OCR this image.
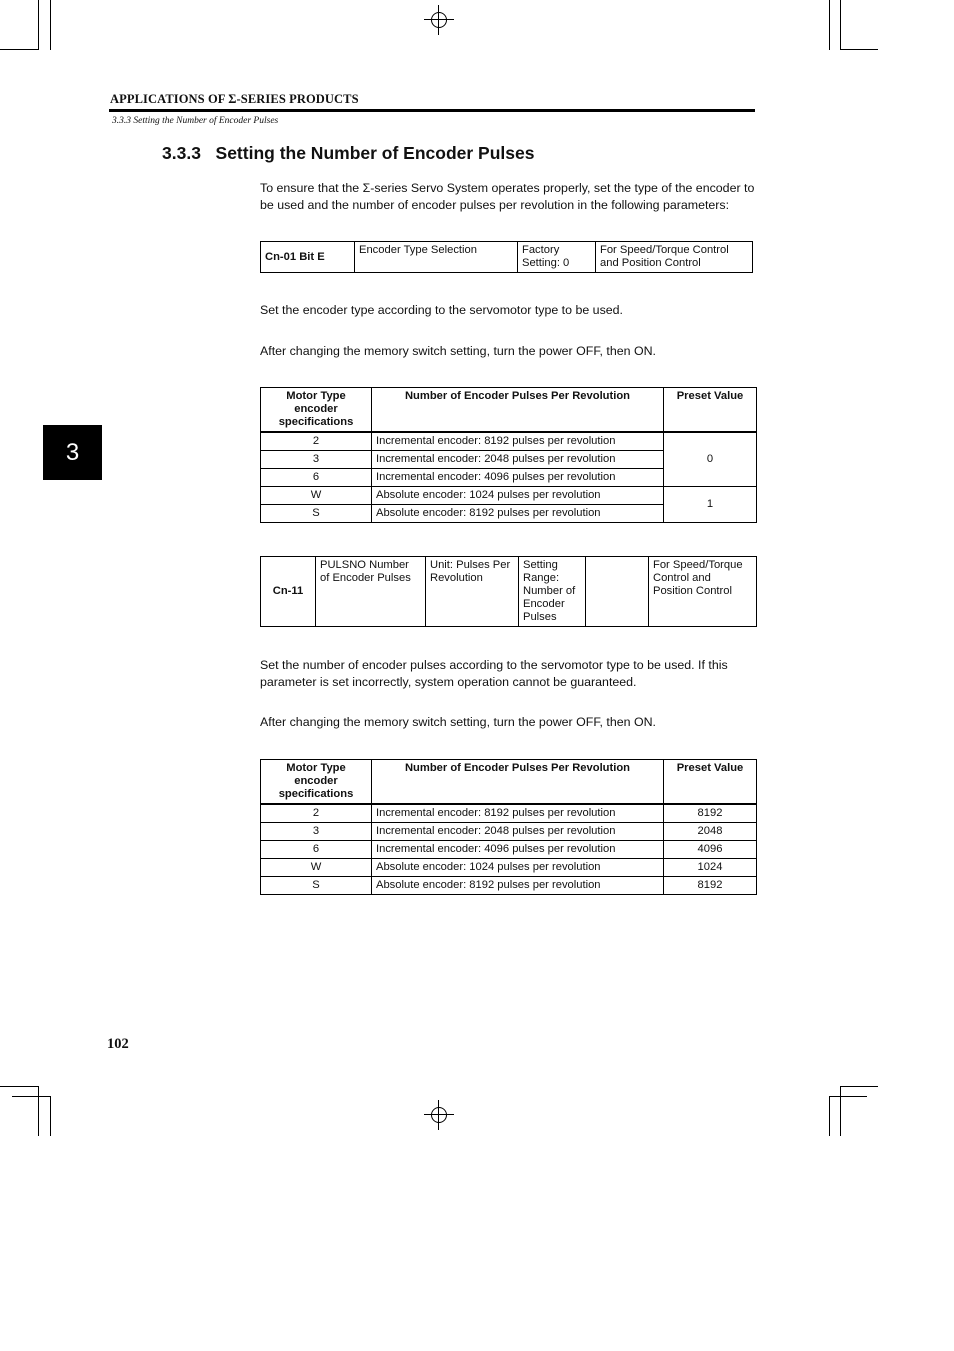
APPLICATIONS OF Σ-SERIES PRODUCTS
3.3.3 Setting the Number of Encoder Pulses
3.3.3 Setting the Number of Encoder Pulses
To ensure that the Σ-series Servo System operates properly, set the type of the encoder to be used and the number of encoder pulses per revolution in the following parameters:
Cn-01 Bit E	Encoder Type Selection	Factory Setting: 0	For Speed/Torque Control and Position Control
Set the encoder type according to the servomotor type to be used.
After changing the memory switch setting, turn the power OFF, then ON.
Motor Type encoder specifications	Number of Encoder Pulses Per Revolution	Preset Value
2	Incremental encoder: 8192 pulses per revolution	0
3	Incremental encoder: 2048 pulses per revolution	
6	Incremental encoder: 4096 pulses per revolution	
W	Absolute encoder: 1024 pulses per revolution	1
S	Absolute encoder: 8192 pulses per revolution	
Cn-11	PULSNO Number of Encoder Pulses	Unit: Pulses Per Revolution	Setting Range: Number of Encoder Pulses		For Speed/Torque Control and Position Control
Set the number of encoder pulses according to the servomotor type to be used. If this parameter is set incorrectly, system operation cannot be guaranteed.
After changing the memory switch setting, turn the power OFF, then ON.
Motor Type encoder specifications	Number of Encoder Pulses Per Revolution	Preset Value
2	Incremental encoder: 8192 pulses per revolution	8192
3	Incremental encoder: 2048 pulses per revolution	2048
6	Incremental encoder: 4096 pulses per revolution	4096
W	Absolute encoder: 1024 pulses per revolution	1024
S	Absolute encoder: 8192 pulses per revolution	8192
3
102
